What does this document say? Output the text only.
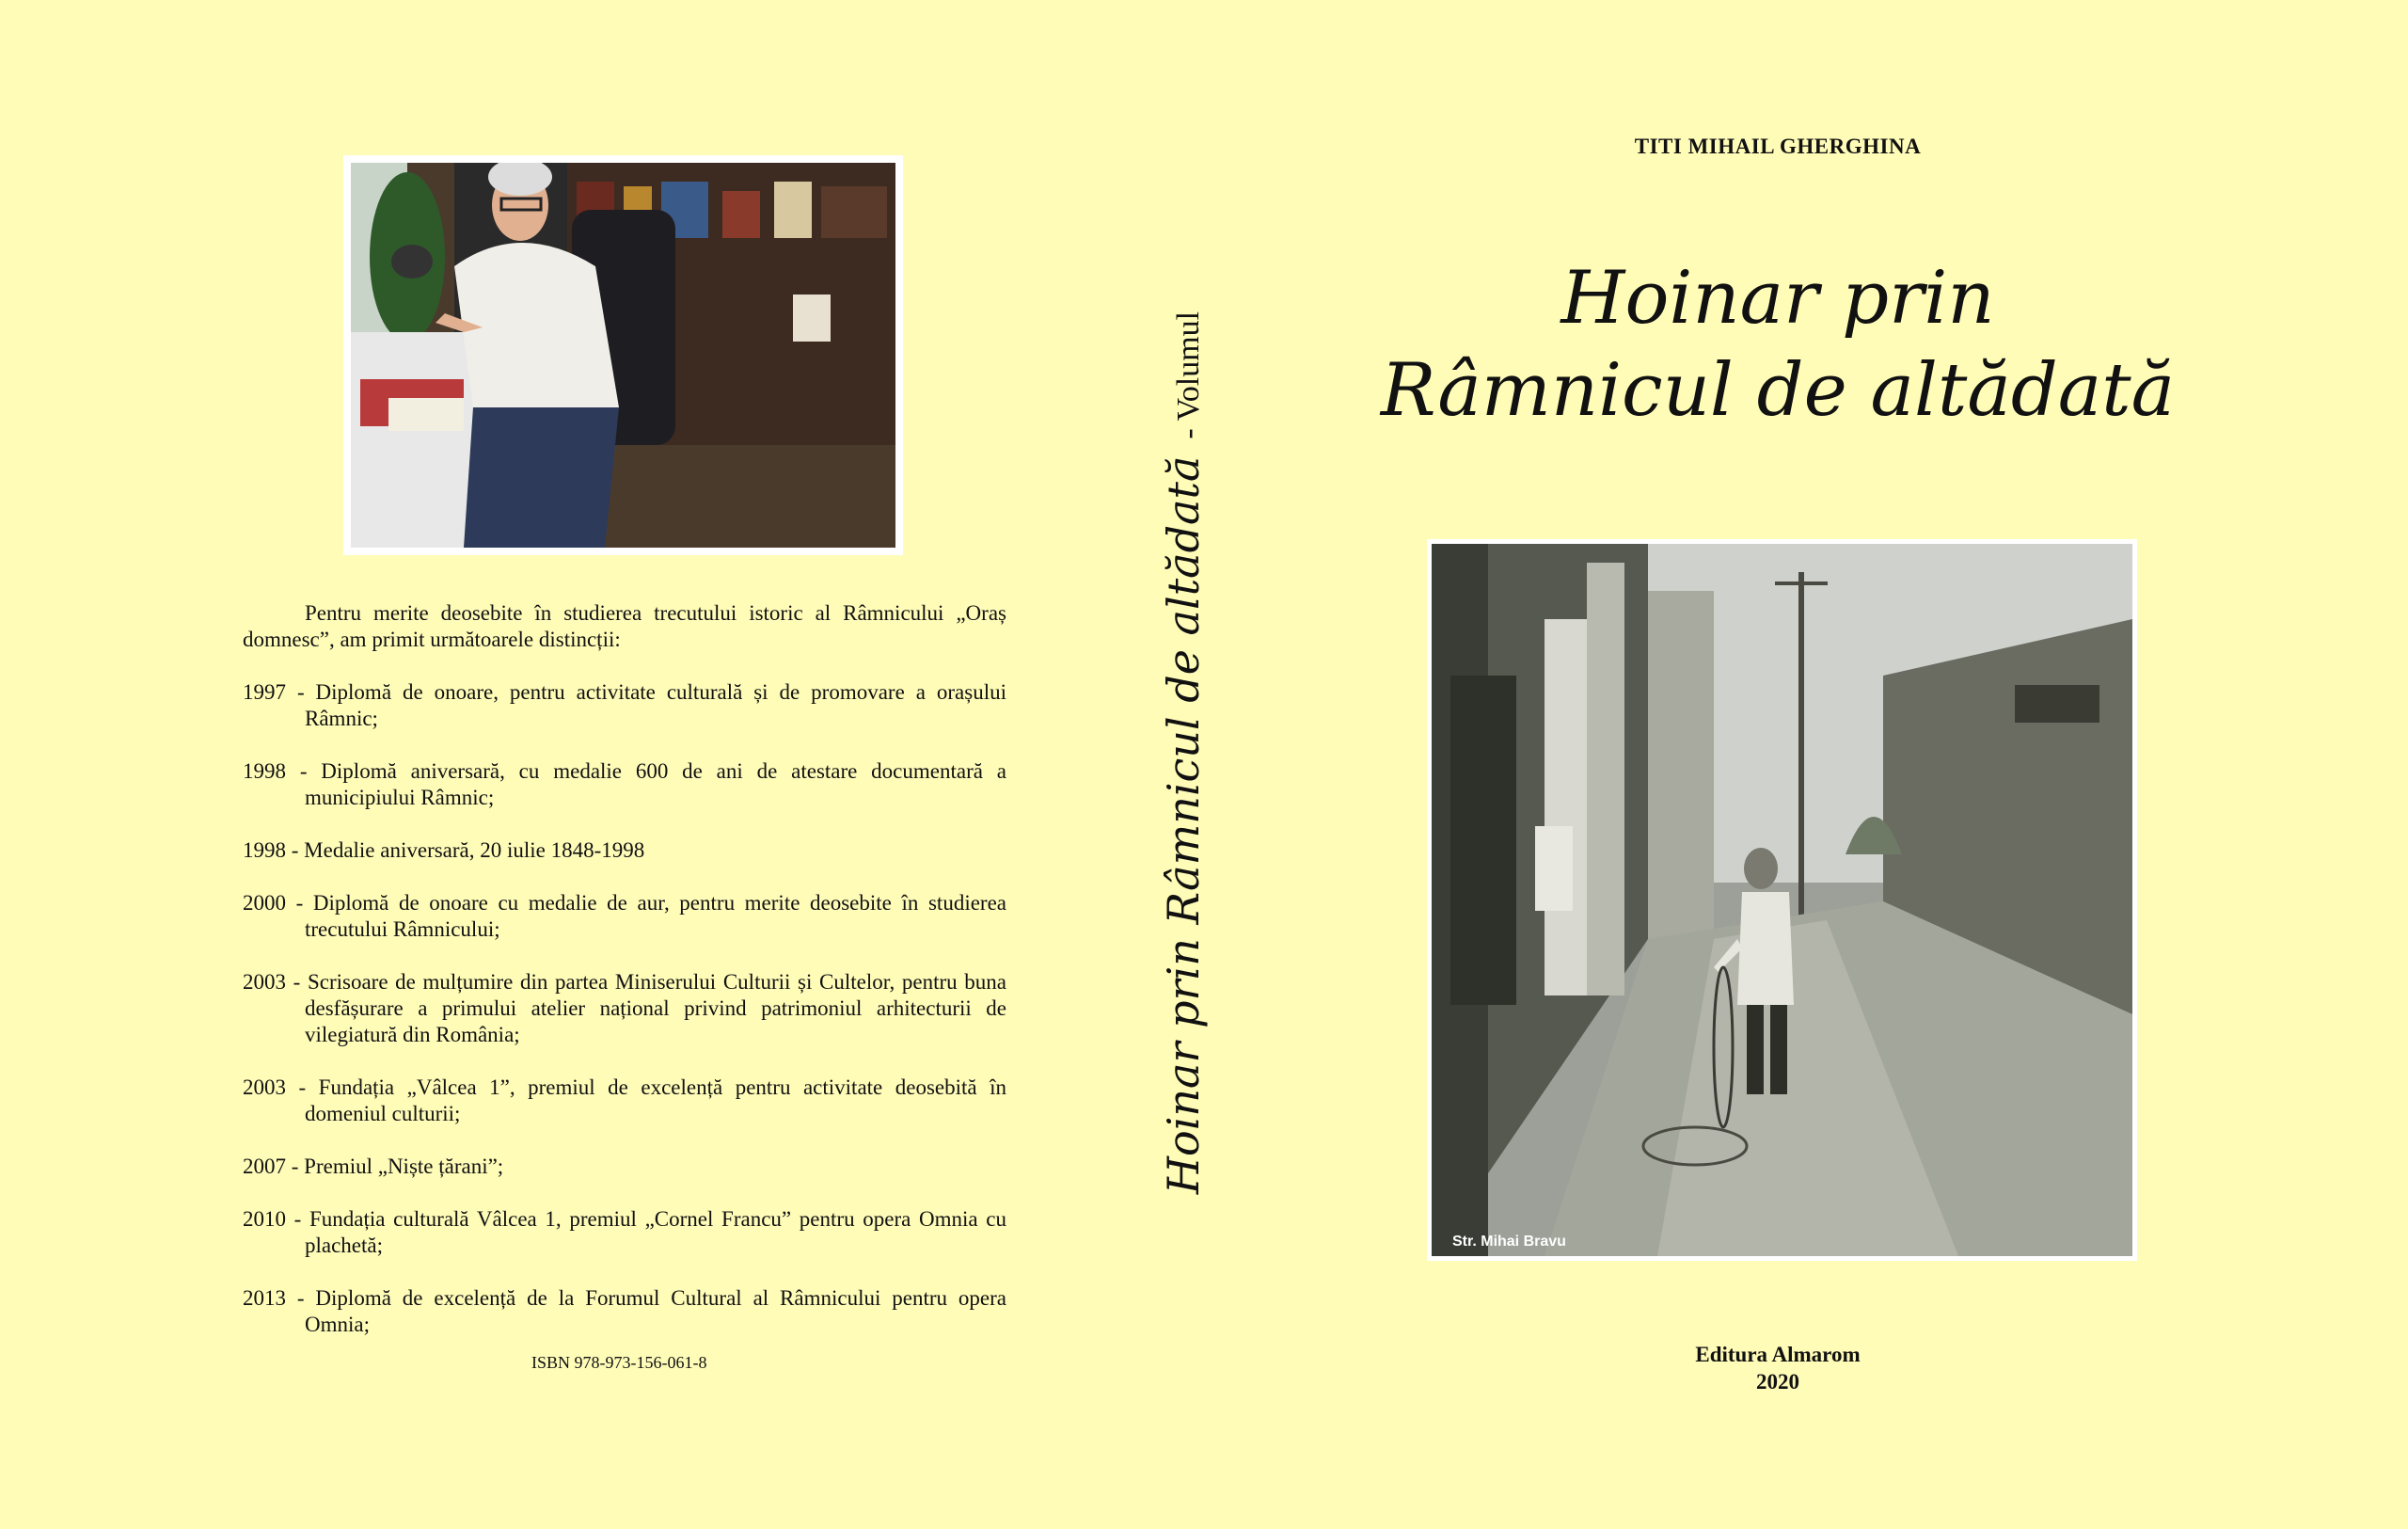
Pentru merite deosebite în studierea trecutului istoric al Râmnicului „Oraș domnesc”, am primit următoarele distincții:

1997 - Diplomă de onoare, pentru activitate culturală și de promovare a orașului Râmnic;

1998 - Diplomă aniversară, cu medalie 600 de ani de atestare documentară a municipiului Râmnic;

1998 - Medalie aniversară, 20 iulie 1848-1998

2000 - Diplomă de onoare cu medalie de aur, pentru merite deosebite în studierea trecutului Râmnicului;

2003 - Scrisoare de mulțumire din partea Miniserului Culturii și Cultelor, pentru buna desfășurare a primului atelier național privind patrimoniul arhitecturii de vilegiatură din România;

2003 - Fundația „Vâlcea 1”, premiul de excelență pentru activitate deosebită în domeniul culturii;

2007 - Premiul „Niște țărani”;

2010 - Fundația culturală Vâlcea 1, premiul „Cornel Francu” pentru opera Omnia cu plachetă;

2013 - Diplomă de excelență de la Forumul Cultural al Râmnicului pentru opera Omnia;

ISBN 978-973-156-061-8
Hoinar prin Râmnicul de altădată
- Volumul
TITI MIHAIL GHERGHINA
Hoinar prin
Râmnicul de altădată
Str. Mihai Bravu
Editura Almarom
2020
